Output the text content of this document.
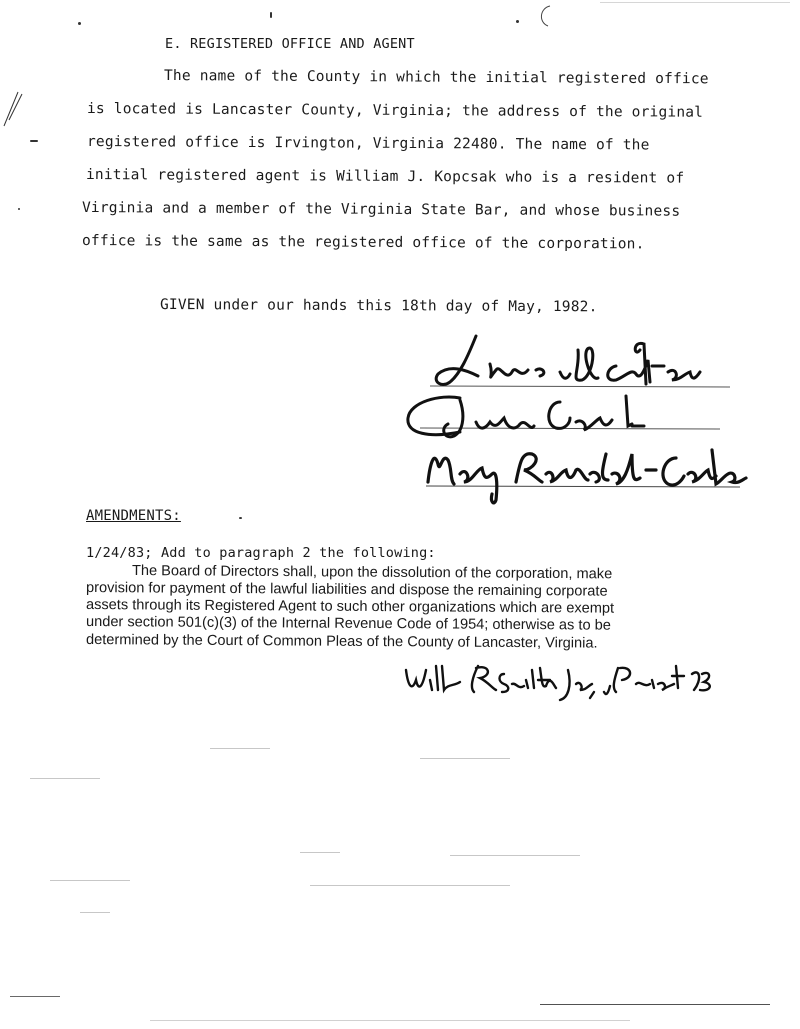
E. REGISTERED OFFICE AND AGENT
The name of the County in which the initial registered office
is located is Lancaster County, Virginia; the address of the original
registered office is Irvington, Virginia 22480. The name of the
initial registered agent is William J. Kopcsak who is a resident of
Virginia and a member of the Virginia State Bar, and whose business
office is the same as the registered office of the corporation.
GIVEN under our hands this 18th day of May, 1982.
AMENDMENTS:
1/24/83; Add to paragraph 2 the following:
The Board of Directors shall, upon the dissolution of the corporation, make
provision for payment of the lawful liabilities and dispose the remaining corporate
assets through its Registered Agent to such other organizations which are exempt
under section 501(c)(3) of the Internal Revenue Code of 1954; otherwise as to be
determined by the Court of Common Pleas of the County of Lancaster, Virginia.
